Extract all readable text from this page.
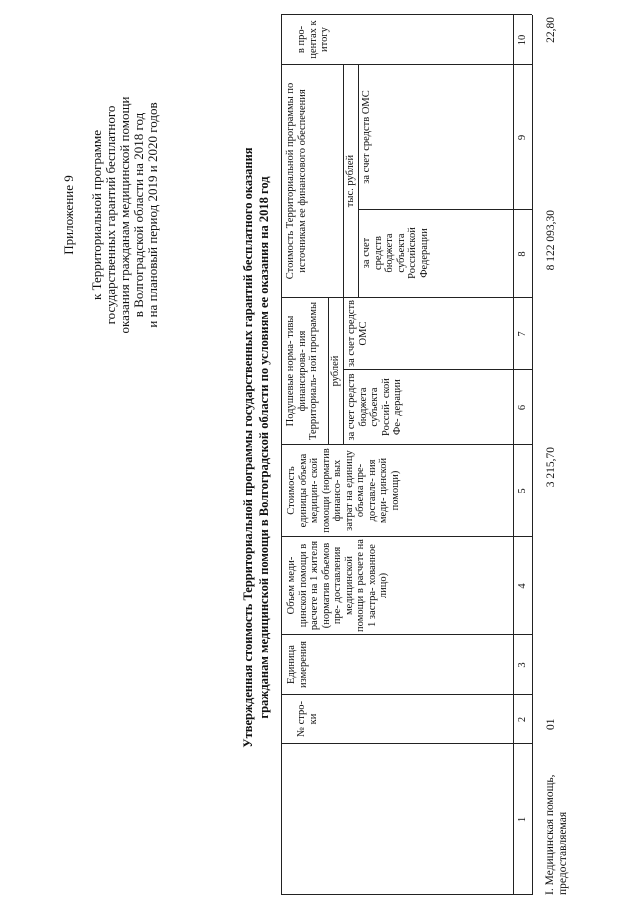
Приложение 9 к Территориальной программе государственных гарантий бесплатного оказания гражданам медицинской помощи в Волгоградской области на 2018 год и на плановый период 2019 и 2020 годов	Утвержденная стоимость Территориальной программы государственных гарантий бесплатного оказания гражданам медицинской помощи в Волгоградской области по условиям ее оказания на 2018 год
№ стро- ки
Единица измерения
Объем меди- цинской помощи в расчете на 1 жителя (норматив объемов пре- доставления медицинской помощи в расчете на 1 застра- хованное лицо)
Стоимость единицы объема медицин- ской помощи (норматив финансо- вых затрат на единицу объема пре- доставле- ния меди- цинской помощи)
Подушевые норма- тивы финансирова- ния Территориаль- ной программы рублей
за счет средств бюджета субъекта Россий- ской Фе- дерации
за счет средств ОМС
Стоимость Территориальной программы по источникам ее финансового обеспечения	тыс. рублей
за счет средств бюджета субъекта Российской Федерации
за счет средств ОМС
в про- центах к итогу
1
2
3
4
5
6
7
8
9
10
I. Медицинская помощь, предоставляемая
01
3 215,70
8 122 093,30
22,80
